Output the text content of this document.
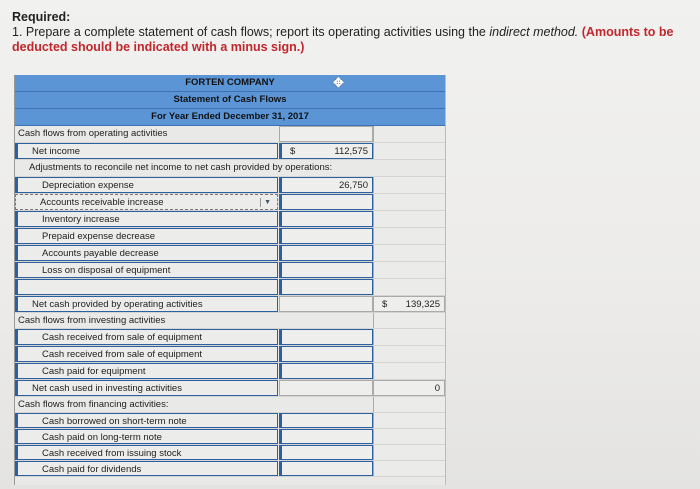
Required:
1. Prepare a complete statement of cash flows; report its operating activities using the indirect method. (Amounts to be deducted should be indicated with a minus sign.)
FORTEN COMPANY	✥
Statement of Cash Flows
For Year Ended December 31, 2017
Cash flows from operating activities
Net income	$	112,575
Adjustments to reconcile net income to net cash provided by operations:
Depreciation expense	26,750
Accounts receivable increase	▼
Inventory increase
Prepaid expense decrease
Accounts payable decrease
Loss on disposal of equipment
Net cash provided by operating activities	$ 139,325
Cash flows from investing activities
Cash received from sale of equipment
Cash received from sale of equipment
Cash paid for equipment
Net cash used in investing activities	0
Cash flows from financing activities:
Cash borrowed on short-term note
Cash paid on long-term note
Cash received from issuing stock
Cash paid for dividends
